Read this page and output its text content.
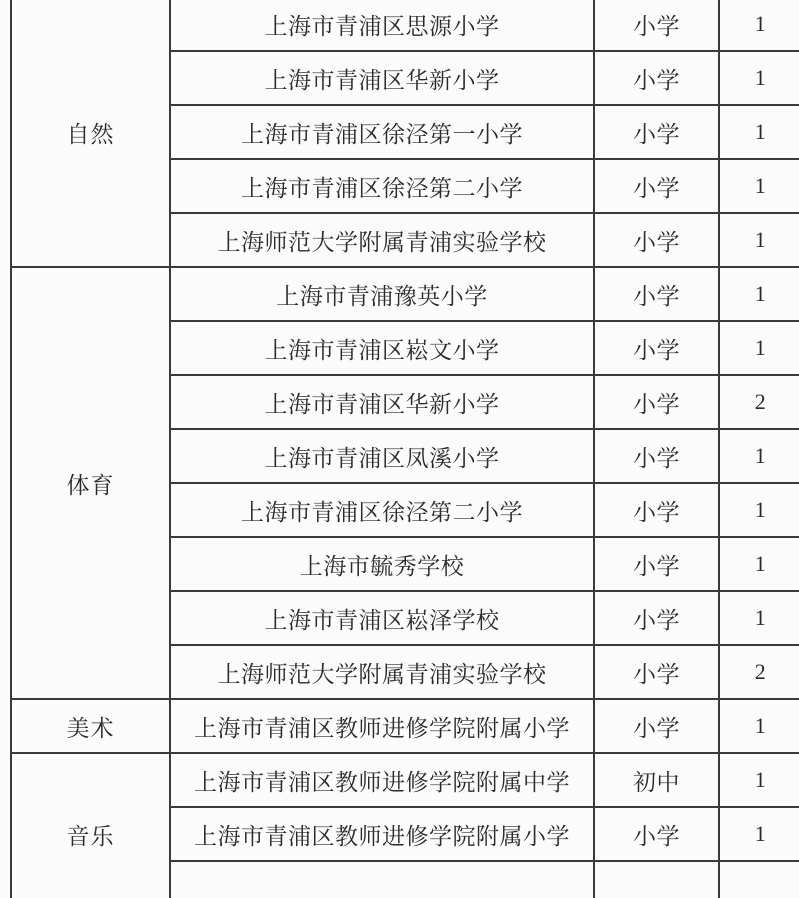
自然	上海市青浦区思源小学	小学	1
	上海市青浦区华新小学	小学	1
	上海市青浦区徐泾第一小学	小学	1
	上海市青浦区徐泾第二小学	小学	1
	上海师范大学附属青浦实验学校	小学	1
体育	上海市青浦豫英小学	小学	1
	上海市青浦区崧文小学	小学	1
	上海市青浦区华新小学	小学	2
	上海市青浦区凤溪小学	小学	1
	上海市青浦区徐泾第二小学	小学	1
	上海市毓秀学校	小学	1
	上海市青浦区崧泽学校	小学	1
	上海师范大学附属青浦实验学校	小学	2
美术	上海市青浦区教师进修学院附属小学	小学	1
音乐	上海市青浦区教师进修学院附属中学	初中	1
	上海市青浦区教师进修学院附属小学	小学	1
